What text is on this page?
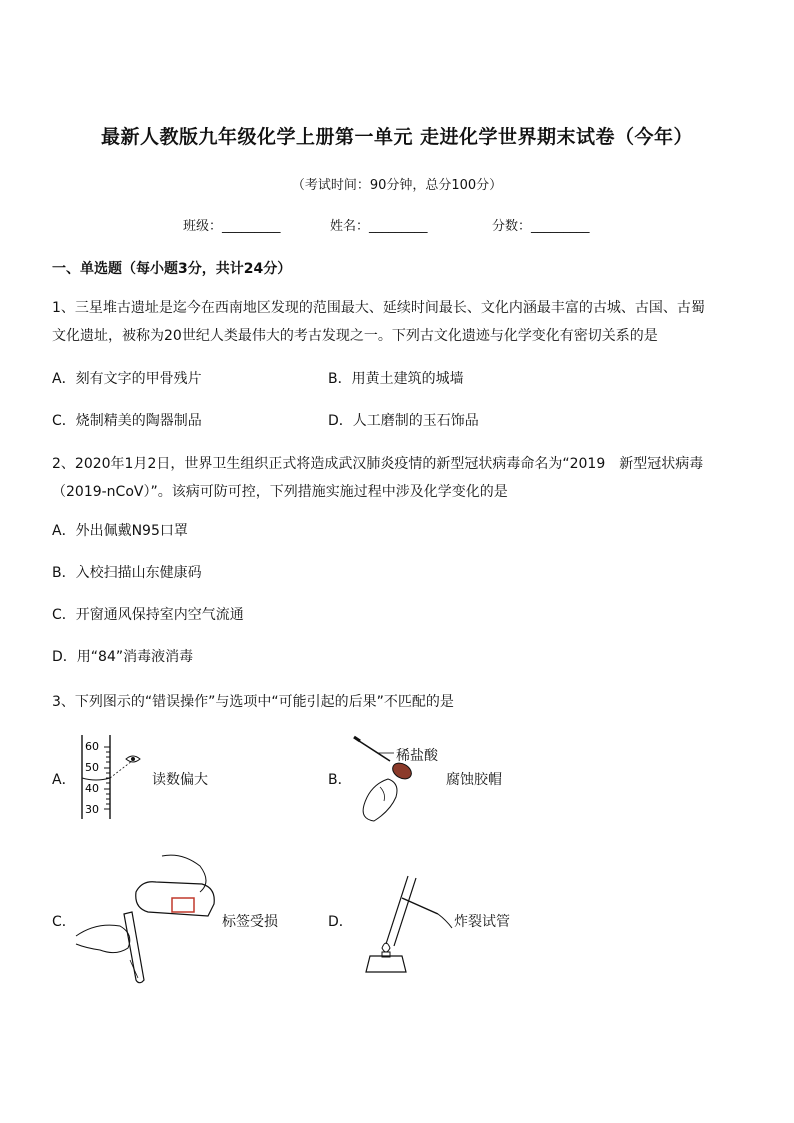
最新人教版九年级化学上册第一单元 走进化学世界期末试卷（今年）
（考试时间：90分钟，总分100分）
班级：_________	姓名：_________	分数：_________
一、单选题（每小题3分，共计24分）
1、三星堆古遗址是迄今在西南地区发现的范围最大、延续时间最长、文化内涵最丰富的古城、古国、古蜀
文化遗址，被称为20世纪人类最伟大的考古发现之一。下列古文化遗迹与化学变化有密切关系的是
A．刻有文字的甲骨残片	B．用黄土建筑的城墙
C．烧制精美的陶器制品	D．人工磨制的玉石饰品
2、2020年1月2日，世界卫生组织正式将造成武汉肺炎疫情的新型冠状病毒命名为“2019　新型冠状病毒
（2019-nCoV）”。该病可防可控，下列措施实施过程中涉及化学变化的是
A．外出佩戴N95口罩
B．入校扫描山东健康码
C．开窗通风保持室内空气流通
D．用“84”消毒液消毒
3、下列图示的“错误操作”与选项中“可能引起的后果”不匹配的是
A．
60
50
40
30
读数偏大	B．
稀盐酸
腐蚀胶帽
C．	标签受损	D．	炸裂试管
